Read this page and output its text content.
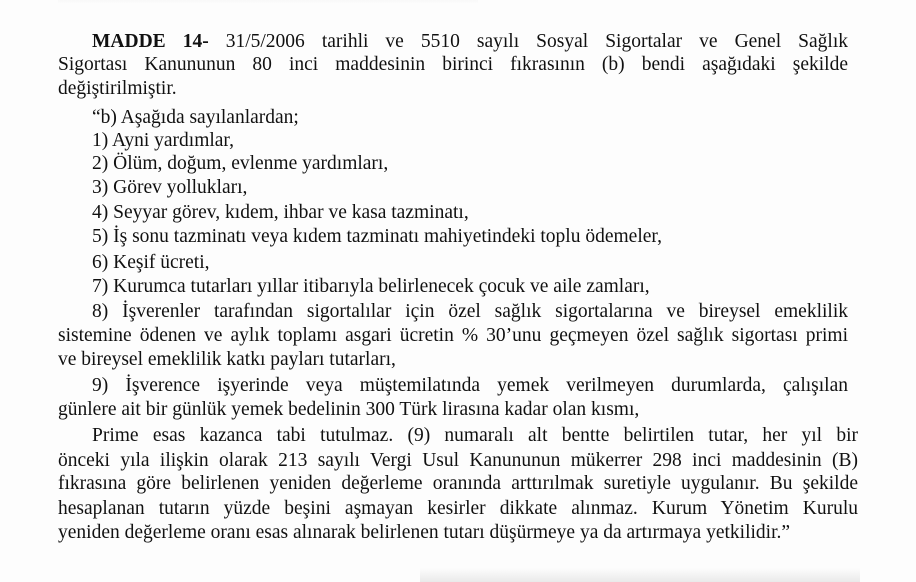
MADDE 14- 31/5/2006 tarihli ve 5510 sayılı Sosyal Sigortalar ve Genel Sağlık
Sigortası Kanununun 80 inci maddesinin birinci fıkrasının (b) bendi aşağıdaki şekilde
değiştirilmiştir.
“b) Aşağıda sayılanlardan;
1) Ayni yardımlar,
2) Ölüm, doğum, evlenme yardımları,
3) Görev yollukları,
4) Seyyar görev, kıdem, ihbar ve kasa tazminatı,
5) İş sonu tazminatı veya kıdem tazminatı mahiyetindeki toplu ödemeler,
6) Keşif ücreti,
7) Kurumca tutarları yıllar itibarıyla belirlenecek çocuk ve aile zamları,
8) İşverenler tarafından sigortalılar için özel sağlık sigortalarına ve bireysel emeklilik
sistemine ödenen ve aylık toplamı asgari ücretin % 30’unu geçmeyen özel sağlık sigortası primi
ve bireysel emeklilik katkı payları tutarları,
9) İşverence işyerinde veya müştemilatında yemek verilmeyen durumlarda, çalışılan
günlere ait bir günlük yemek bedelinin 300 Türk lirasına kadar olan kısmı,
Prime esas kazanca tabi tutulmaz. (9) numaralı alt bentte belirtilen tutar, her yıl bir
önceki yıla ilişkin olarak 213 sayılı Vergi Usul Kanununun mükerrer 298 inci maddesinin (B)
fıkrasına göre belirlenen yeniden değerleme oranında arttırılmak suretiyle uygulanır. Bu şekilde
hesaplanan tutarın yüzde beşini aşmayan kesirler dikkate alınmaz. Kurum Yönetim Kurulu
yeniden değerleme oranı esas alınarak belirlenen tutarı düşürmeye ya da artırmaya yetkilidir.”
